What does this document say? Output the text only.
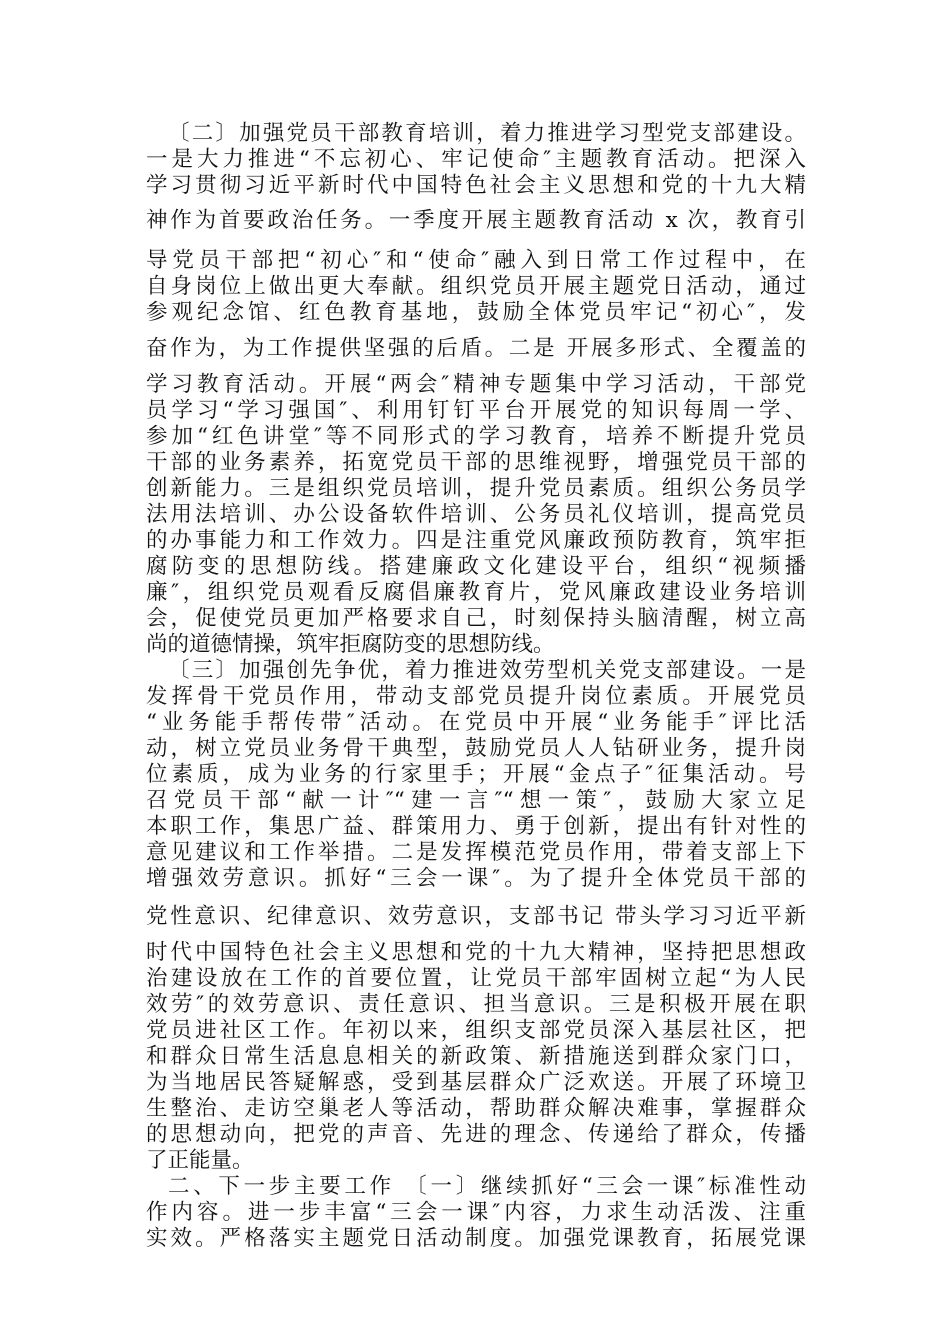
〔二〕加强党员干部教育培训，着力推进学习型党支部建设。
一是大力推进“不忘初心、牢记使命″主题教育活动。把深入
学习贯彻习近平新时代中国特色社会主义思想和党的十九大精
神作为首要政治任务。一季度开展主题教育活动 x 次，教育引
导党员干部把“初心″和“使命″融入到日常工作过程中，在
自身岗位上做出更大奉献。组织党员开展主题党日活动，通过
参观纪念馆、红色教育基地，鼓励全体党员牢记“初心″，发
奋作为，为工作提供坚强的后盾。二是 开展多形式、全覆盖的
学习教育活动。开展“两会″精神专题集中学习活动，干部党
员学习“学习强国″、利用钉钉平台开展党的知识每周一学、
参加“红色讲堂″等不同形式的学习教育，培养不断提升党员
干部的业务素养，拓宽党员干部的思维视野，增强党员干部的
创新能力。三是组织党员培训，提升党员素质。组织公务员学
法用法培训、办公设备软件培训、公务员礼仪培训，提高党员
的办事能力和工作效力。四是注重党风廉政预防教育，筑牢拒
腐防变的思想防线。搭建廉政文化建设平台，组织“视频播
廉″，组织党员观看反腐倡廉教育片，党风廉政建设业务培训
会，促使党员更加严格要求自己，时刻保持头脑清醒，树立高
尚的道德情操，筑牢拒腐防变的思想防线。
〔三〕加强创先争优，着力推进效劳型机关党支部建设。一是
发挥骨干党员作用，带动支部党员提升岗位素质。开展党员
“业务能手帮传带″活动。在党员中开展“业务能手″评比活
动，树立党员业务骨干典型，鼓励党员人人钻研业务，提升岗
位素质，成为业务的行家里手；开展“金点子″征集活动。号
召党员干部“献一计″“建一言″“想一策″，鼓励大家立足
本职工作，集思广益、群策用力、勇于创新，提出有针对性的
意见建议和工作举措。二是发挥模范党员作用，带着支部上下
增强效劳意识。抓好“三会一课″。为了提升全体党员干部的
党性意识、纪律意识、效劳意识，支部书记 带头学习习近平新
时代中国特色社会主义思想和党的十九大精神，坚持把思想政
治建设放在工作的首要位置，让党员干部牢固树立起“为人民
效劳″的效劳意识、责任意识、担当意识。三是积极开展在职
党员进社区工作。年初以来，组织支部党员深入基层社区，把
和群众日常生活息息相关的新政策、新措施送到群众家门口，
为当地居民答疑解惑，受到基层群众广泛欢送。开展了环境卫
生整治、走访空巢老人等活动，帮助群众解决难事，掌握群众
的思想动向，把党的声音、先进的理念、传递给了群众，传播
了正能量。
二、下一步主要工作 〔一〕继续抓好“三会一课″标准性动
作内容。进一步丰富“三会一课″内容，力求生动活泼、注重
实效。严格落实主题党日活动制度。加强党课教育，拓展党课
